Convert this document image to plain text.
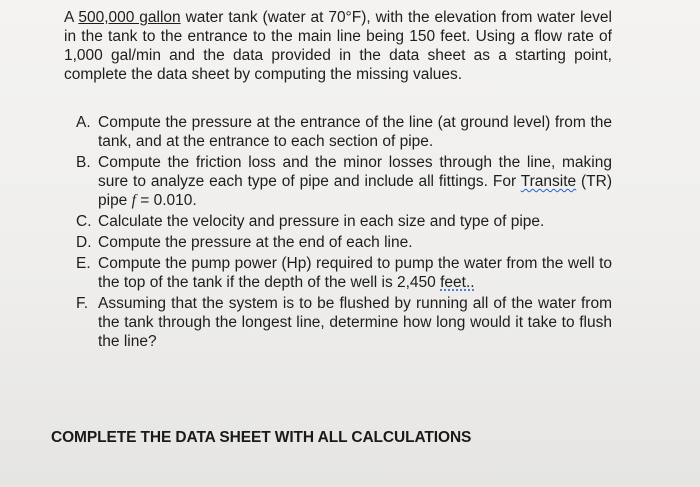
A 500,000 gallon water tank (water at 70°F), with the elevation from water level in the tank to the entrance to the main line being 150 feet. Using a flow rate of 1,000 gal/min and the data provided in the data sheet as a starting point, complete the data sheet by computing the missing values.

A. Compute the pressure at the entrance of the line (at ground level) from the tank, and at the entrance to each section of pipe.
B. Compute the friction loss and the minor losses through the line, making sure to analyze each type of pipe and include all fittings. For Transite (TR) pipe f = 0.010.
C. Calculate the velocity and pressure in each size and type of pipe.
D. Compute the pressure at the end of each line.
E. Compute the pump power (Hp) required to pump the water from the well to the top of the tank if the depth of the well is 2,450 feet..
F. Assuming that the system is to be flushed by running all of the water from the tank through the longest line, determine how long would it take to flush the line?

COMPLETE THE DATA SHEET WITH ALL CALCULATIONS
